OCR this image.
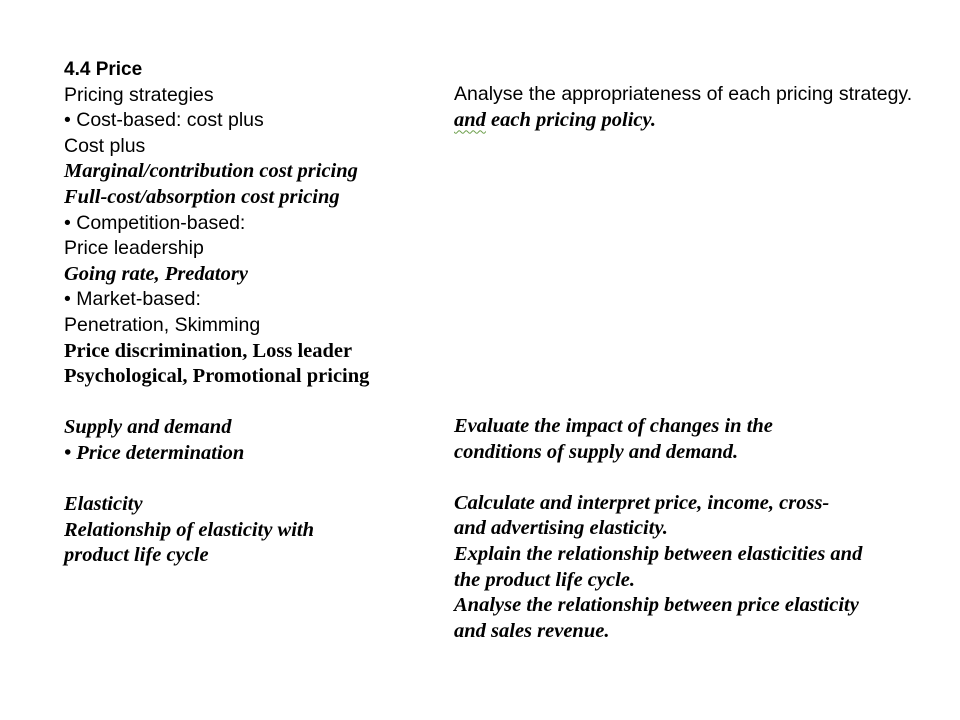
4.4 Price
Pricing strategies
• Cost-based: cost plus
Cost plus
Marginal/contribution cost pricing
Full-cost/absorption cost pricing
• Competition-based:
Price leadership
Going rate, Predatory
• Market-based:
Penetration, Skimming
Price discrimination, Loss leader
Psychological, Promotional pricing
Supply and demand
• Price determination
Elasticity
Relationship of elasticity with
product life cycle
Analyse the appropriateness of each pricing strategy.
and each pricing policy.
Evaluate the impact of changes in the
conditions of supply and demand.
Calculate and interpret price, income, cross-
and advertising elasticity.
Explain the relationship between elasticities and
the product life cycle.
Analyse the relationship between price elasticity
and sales revenue.
